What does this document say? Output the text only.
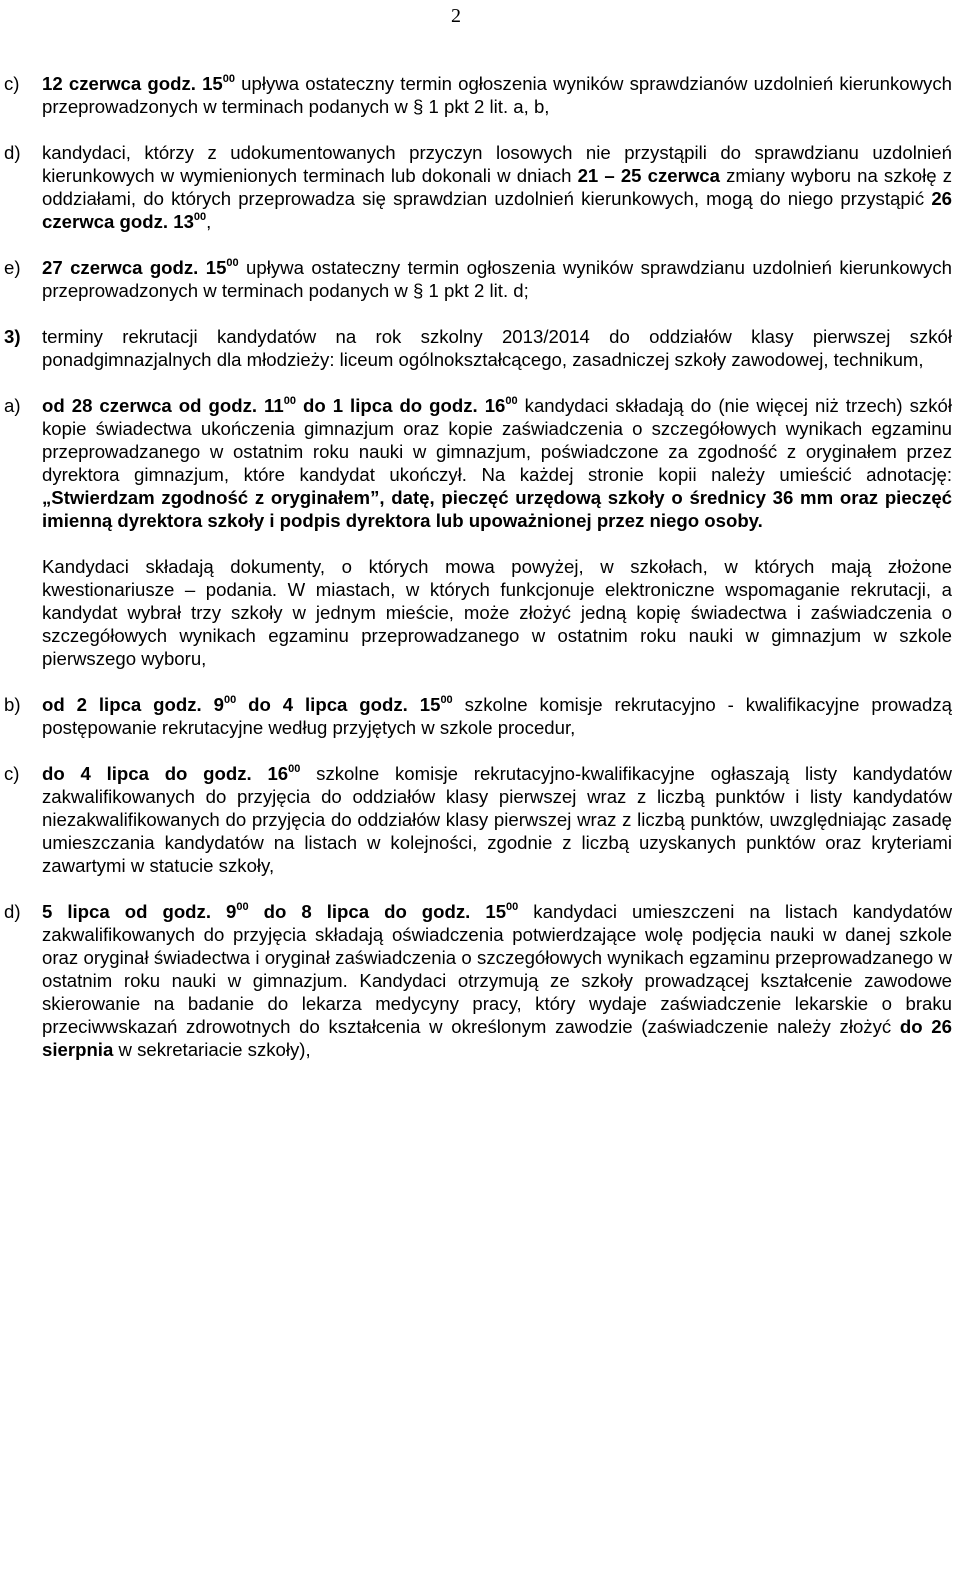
2
c) 12 czerwca godz. $15^{00}$ upływa ostateczny termin ogłoszenia wyników sprawdzianów uzdolnień kierunkowych przeprowadzonych w terminach podanych w § 1 pkt 2 lit. a, b,
d) kandydaci, którzy z udokumentowanych przyczyn losowych nie przystąpili do sprawdzianu uzdolnień kierunkowych w wymienionych terminach lub dokonali w dniach 21 – 25 czerwca zmiany wyboru na szkołę z oddziałami, do których przeprowadza się sprawdzian uzdolnień kierunkowych, mogą do niego przystąpić 26 czerwca godz. $13^{00}$,
e) 27 czerwca godz. $15^{00}$ upływa ostateczny termin ogłoszenia wyników sprawdzianu uzdolnień kierunkowych przeprowadzonych w terminach podanych w § 1 pkt 2 lit. d;
3) terminy rekrutacji kandydatów na rok szkolny 2013/2014 do oddziałów klasy pierwszej szkół ponadgimnazjalnych dla młodzieży: liceum ogólnokształcącego, zasadniczej szkoły zawodowej, technikum,
a) od 28 czerwca od godz. $11^{00}$ do 1 lipca do godz. $16^{00}$ kandydaci składają do (nie więcej niż trzech) szkół kopie świadectwa ukończenia gimnazjum oraz kopie zaświadczenia o szczegółowych wynikach egzaminu przeprowadzanego w ostatnim roku nauki w gimnazjum, poświadczone za zgodność z oryginałem przez dyrektora gimnazjum, które kandydat ukończył. Na każdej stronie kopii należy umieścić adnotację: „Stwierdzam zgodność z oryginałem”, datę, pieczęć urzędową szkoły o średnicy 36 mm oraz pieczęć imienną dyrektora szkoły i podpis dyrektora lub upoważnionej przez niego osoby.
Kandydaci składają dokumenty, o których mowa powyżej, w szkołach, w których mają złożone kwestionariusze – podania. W miastach, w których funkcjonuje elektroniczne wspomaganie rekrutacji, a kandydat wybrał trzy szkoły w jednym mieście, może złożyć jedną kopię świadectwa i zaświadczenia o szczegółowych wynikach egzaminu przeprowadzanego w ostatnim roku nauki w gimnazjum w szkole pierwszego wyboru,
b) od 2 lipca godz. $9^{00}$ do 4 lipca godz. $15^{00}$ szkolne komisje rekrutacyjno - kwalifikacyjne prowadzą postępowanie rekrutacyjne według przyjętych w szkole procedur,
c) do 4 lipca do godz. $16^{00}$ szkolne komisje rekrutacyjno-kwalifikacyjne ogłaszają listy kandydatów zakwalifikowanych do przyjęcia do oddziałów klasy pierwszej wraz z liczbą punktów i listy kandydatów niezakwalifikowanych do przyjęcia do oddziałów klasy pierwszej wraz z liczbą punktów, uwzględniając zasadę umieszczania kandydatów na listach w kolejności, zgodnie z liczbą uzyskanych punktów oraz kryteriami zawartymi w statucie szkoły,
d) 5 lipca od godz. $9^{00}$ do 8 lipca do godz. $15^{00}$ kandydaci umieszczeni na listach kandydatów zakwalifikowanych do przyjęcia składają oświadczenia potwierdzające wolę podjęcia nauki w danej szkole oraz oryginał świadectwa i oryginał zaświadczenia o szczegółowych wynikach egzaminu przeprowadzanego w ostatnim roku nauki w gimnazjum. Kandydaci otrzymują ze szkoły prowadzącej kształcenie zawodowe skierowanie na badanie do lekarza medycyny pracy, który wydaje zaświadczenie lekarskie o braku przeciwwskazań zdrowotnych do kształcenia w określonym zawodzie (zaświadczenie należy złożyć do 26 sierpnia w sekretariacie szkoły),
